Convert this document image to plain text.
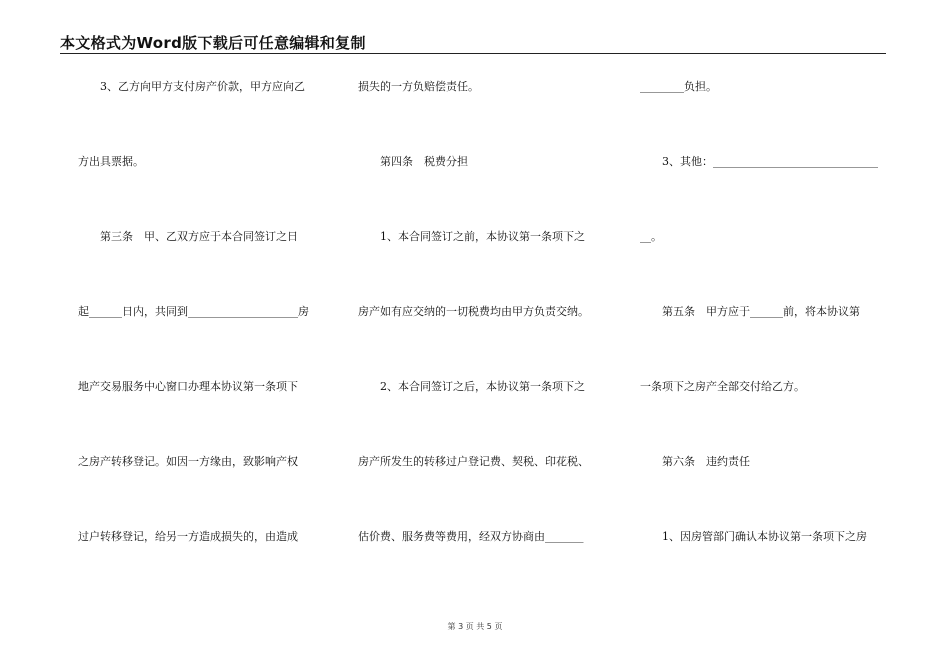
本文格式为Word版下载后可任意编辑和复制
　　3、乙方向甲方支付房产价款，甲方应向乙
方出具票据。
　　第三条　甲、乙双方应于本合同签订之日
起______日内，共同到____________________房
地产交易服务中心窗口办理本协议第一条项下
之房产转移登记。如因一方缘由，致影响产权
过户转移登记，给另一方造成损失的，由造成
损失的一方负赔偿责任。
　　第四条　税费分担
　　1、本合同签订之前，本协议第一条项下之
房产如有应交纳的一切税费均由甲方负责交纳。
　　2、本合同签订之后，本协议第一条项下之
房产所发生的转移过户登记费、契税、印花税、
估价费、服务费等费用，经双方协商由_______
________负担。
　　3、其他：______________________________
__。
　　第五条　甲方应于______前，将本协议第
一条项下之房产全部交付给乙方。
　　第六条　违约责任
　　1、因房管部门确认本协议第一条项下之房
第 3 页 共 5 页
